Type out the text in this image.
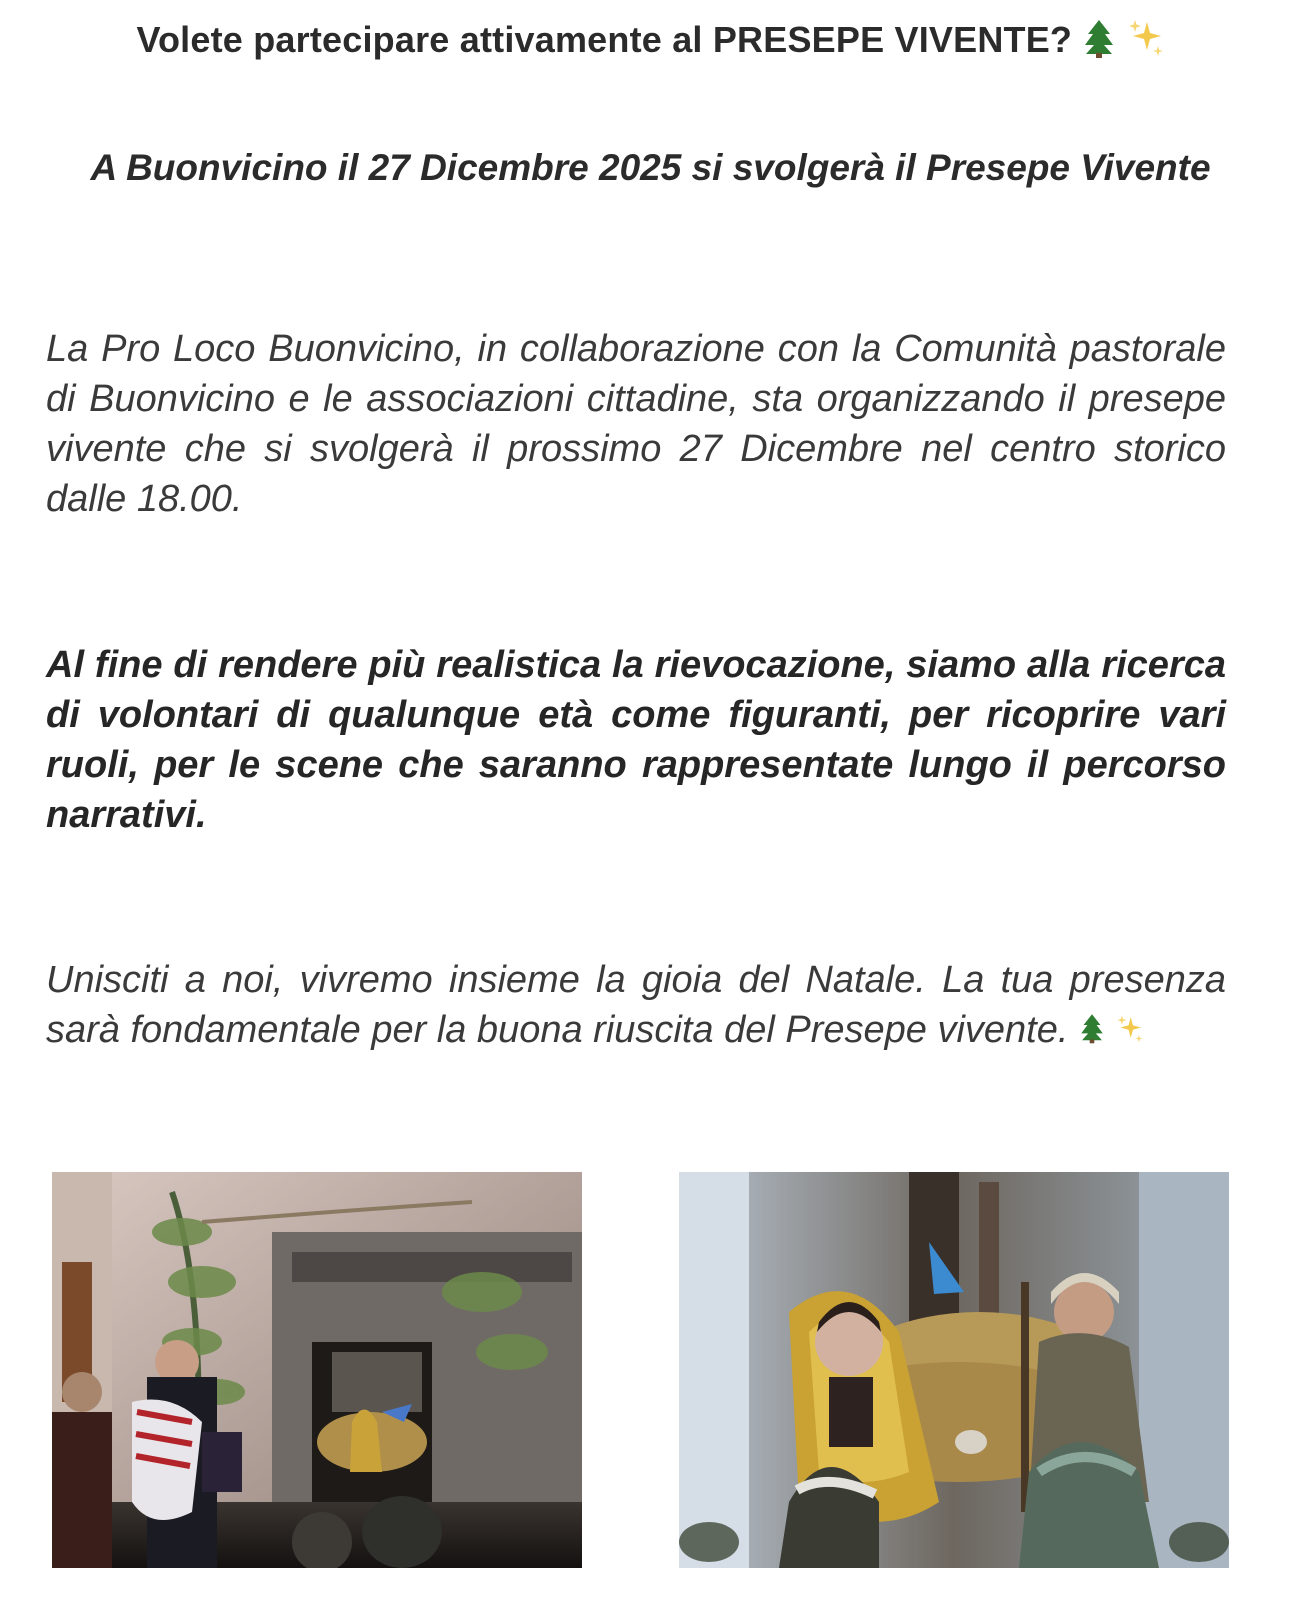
Volete partecipare attivamente al PRESEPE VIVENTE?
A Buonvicino il 27 Dicembre 2025 si svolgerà il Presepe Vivente
La Pro Loco Buonvicino, in collaborazione con la Comunità pastorale di Buonvicino e le associazioni cittadine, sta organizzando il presepe vivente che si svolgerà il prossimo 27 Dicembre nel centro storico dalle 18.00.
Al fine di rendere più realistica la rievocazione, siamo alla ricerca di volontari di qualunque età come figuranti, per ricoprire vari ruoli, per le scene che saranno rappresentate lungo il percorso narrativi.
Unisciti a noi, vivremo insieme la gioia del Natale. La tua presenza sarà fondamentale per la buona riuscita del Presepe vivente.
